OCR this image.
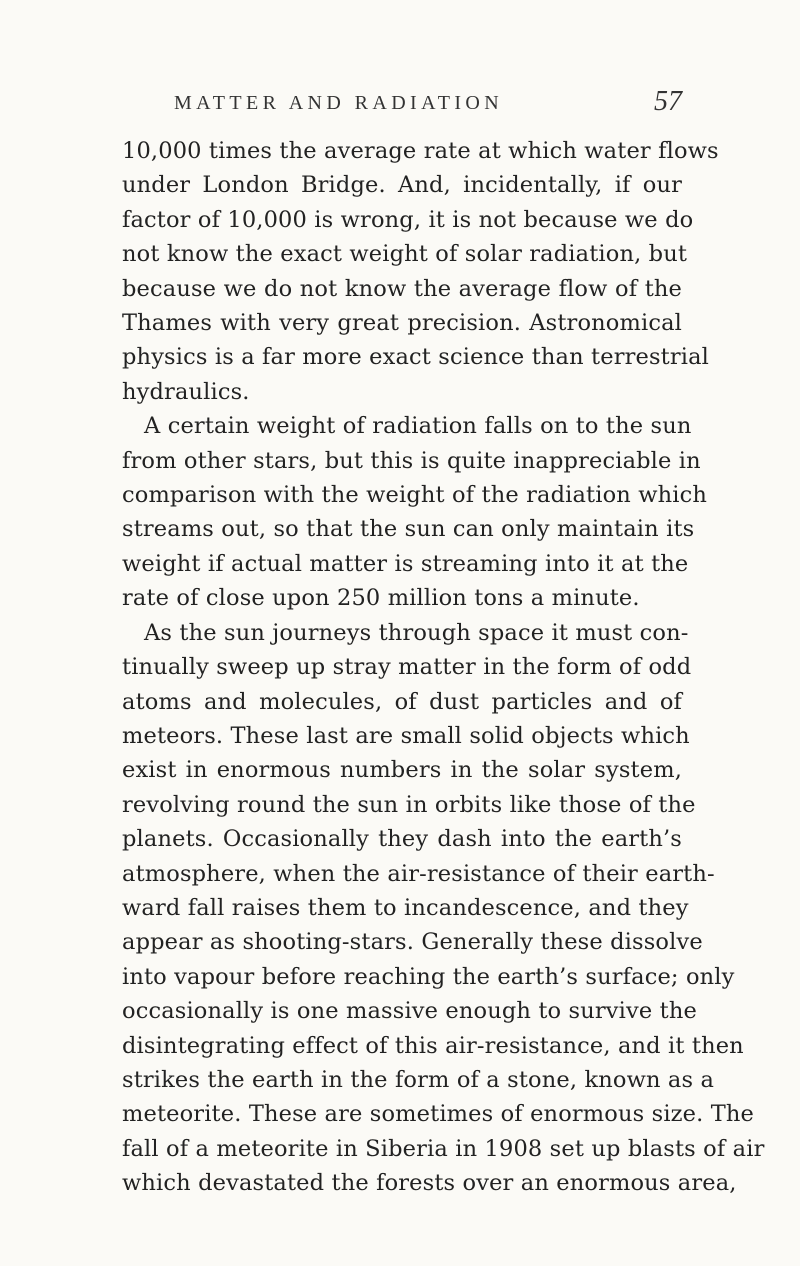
MATTER AND RADIATION	57
10,000 times the average rate at which water flows
under London Bridge. And, incidentally, if our
factor of 10,000 is wrong, it is not because we do
not know the exact weight of solar radiation, but
because we do not know the average flow of the
Thames with very great precision. Astronomical
physics is a far more exact science than terrestrial
hydraulics.
A certain weight of radiation falls on to the sun
from other stars, but this is quite inappreciable in
comparison with the weight of the radiation which
streams out, so that the sun can only maintain its
weight if actual matter is streaming into it at the
rate of close upon 250 million tons a minute.
As the sun journeys through space it must con-
tinually sweep up stray matter in the form of odd
atoms and molecules, of dust particles and of
meteors. These last are small solid objects which
exist in enormous numbers in the solar system,
revolving round the sun in orbits like those of the
planets. Occasionally they dash into the earth’s
atmosphere, when the air-resistance of their earth-
ward fall raises them to incandescence, and they
appear as shooting-stars. Generally these dissolve
into vapour before reaching the earth’s surface; only
occasionally is one massive enough to survive the
disintegrating effect of this air-resistance, and it then
strikes the earth in the form of a stone, known as a
meteorite. These are sometimes of enormous size. The
fall of a meteorite in Siberia in 1908 set up blasts of air
which devastated the forests over an enormous area,
